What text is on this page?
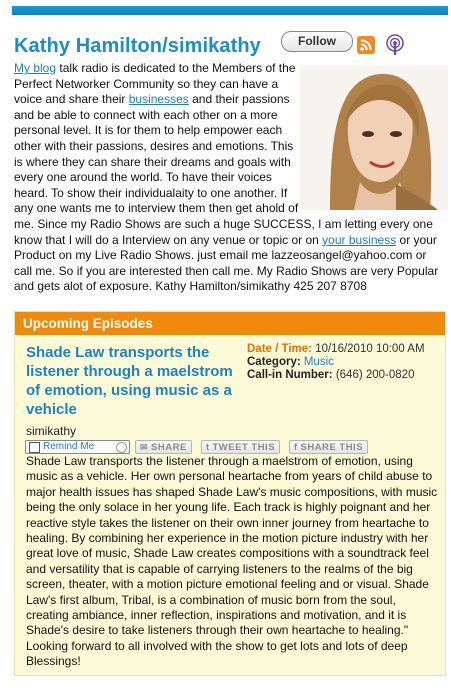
Kathy Hamilton/simikathy	Follow
My blog talk radio is dedicated to the Members of the Perfect Networker Community so they can have a voice and share their businesses and their passions and be able to connect with each other on a more personal level. It is for them to help empower each other with their passions, desires and emotions. This is where they can share their dreams and goals with every one around the world. To have their voices heard. To show their individualaity to one another. If any one wants me to interview them then get ahold of me. Since my Radio Shows are such a huge SUCCESS, I am letting every one know that I will do a Interview on any venue or topic or on your business or your Product on my Live Radio Shows. just email me lazzeosangel@yahoo.com or call me. So if you are interested then call me. My Radio Shows are very Popular and gets alot of exposure. Kathy Hamilton/simikathy 425 207 8708
Upcoming Episodes
Shade Law transports the listener through a maelstrom of emotion, using music as a vehicle
simikathy
Date / Time: 10/16/2010 10:00 AM
Category: Music
Call-in Number: (646) 200-0820
Remind Me	✉ SHARE	t TWEET THIS	f SHARE THIS
Shade Law transports the listener through a maelstrom of emotion, using music as a vehicle. Her own personal heartache from years of child abuse to major health issues has shaped Shade Law's music compositions, with music being the only solace in her young life. Each track is highly poignant and her reactive style takes the listener on their own inner journey from heartache to healing. By combining her experience in the motion picture industry with her great love of music, Shade Law creates compositions with a soundtrack feel and versatility that is capable of carrying listeners to the realms of the big screen, theater, with a motion picture emotional feeling and or visual. Shade Law's first album, Tribal, is a combination of music born from the soul, creating ambiance, inner reflection, inspirations and motivation, and it is Shade's desire to take listeners through their own heartache to healing." Looking forward to all involved with the show to get lots and lots of deep Blessings!
